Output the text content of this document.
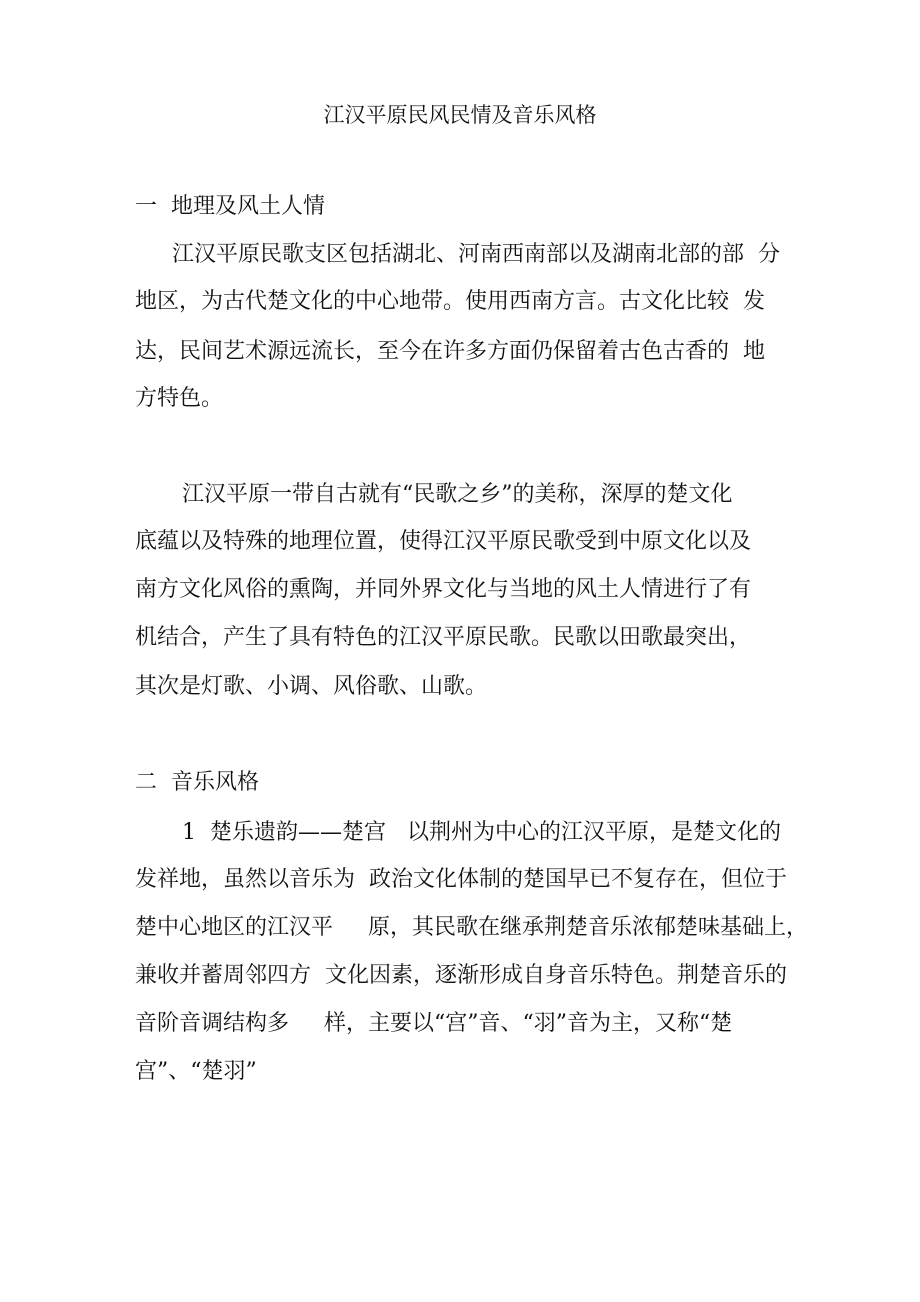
江汉平原民风民情及音乐风格
一  地理及风土人情

江汉平原民歌支区包括湖北、河南西南部以及湖南北部的部  分

地区，为古代楚文化的中心地带。使用西南方言。古文化比较  发

达，民间艺术源远流长，至今在许多方面仍保留着古色古香的  地

方特色。

江汉平原一带自古就有“民歌之乡”的美称，深厚的楚文化

底蕴以及特殊的地理位置，使得江汉平原民歌受到中原文化以及

南方文化风俗的熏陶，并同外界文化与当地的风土人情进行了有

机结合，产生了具有特色的江汉平原民歌。民歌以田歌最突出，

其次是灯歌、小调、风俗歌、山歌。

二  音乐风格

1  楚乐遗韵——楚宫   以荆州为中心的江汉平原，是楚文化的

发祥地，虽然以音乐为  政治文化体制的楚国早已不复存在，但位于

楚中心地区的江汉平     原，其民歌在继承荆楚音乐浓郁楚味基础上，

兼收并蓄周邻四方  文化因素，逐渐形成自身音乐特色。荆楚音乐的

音阶音调结构多     样，主要以“宫”音、“羽”音为主，又称“楚

宫”、“楚羽”
